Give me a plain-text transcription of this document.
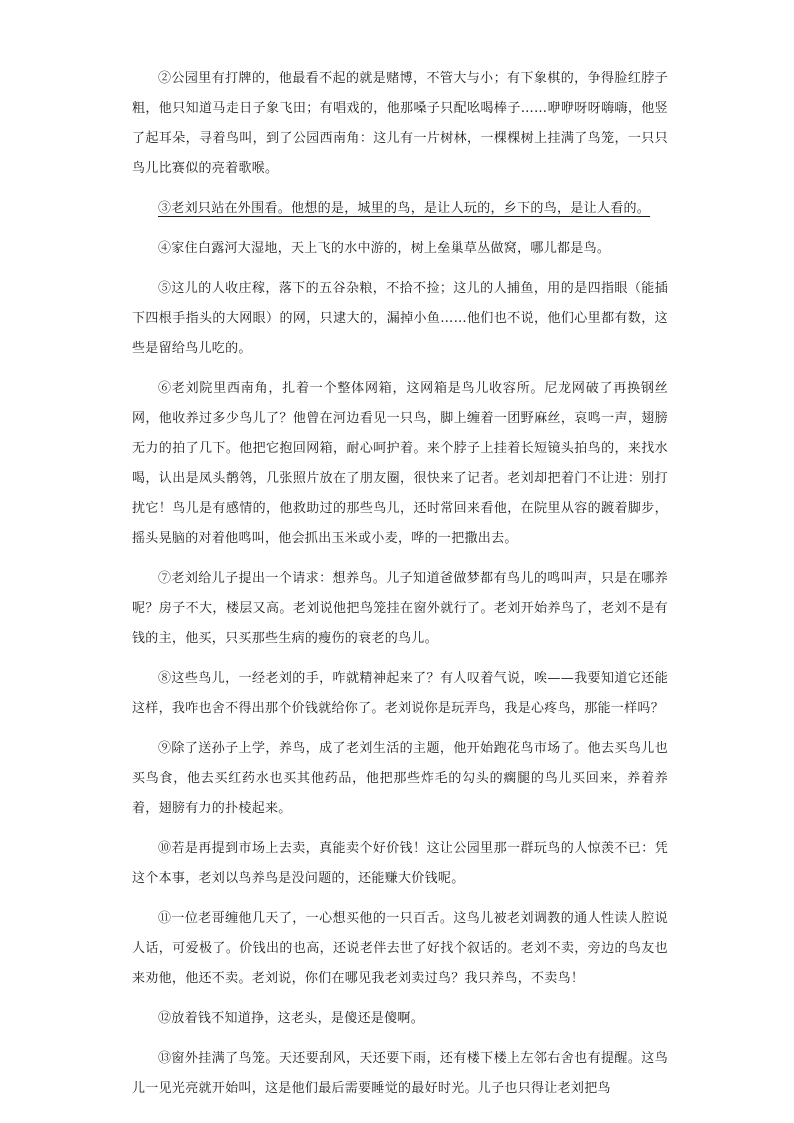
②公园里有打牌的，他最看不起的就是赌博，不管大与小；有下象棋的，争得脸红脖子粗，他只知道马走日子象飞田；有唱戏的，他那嗓子只配吆喝棒子……咿咿呀呀嗨嗨，他竖了起耳朵，寻着鸟叫，到了公园西南角：这儿有一片树林，一棵棵树上挂满了鸟笼，一只只鸟儿比赛似的亮着歌喉。

③老刘只站在外围看。他想的是，城里的鸟，是让人玩的，乡下的鸟，是让人看的。

④家住白露河大湿地，天上飞的水中游的，树上垒巢草丛做窝，哪儿都是鸟。

⑤这儿的人收庄稼，落下的五谷杂粮，不拾不捡；这儿的人捕鱼，用的是四指眼（能插下四根手指头的大网眼）的网，只逮大的，漏掉小鱼……他们也不说，他们心里都有数，这些是留给鸟儿吃的。

⑥老刘院里西南角，扎着一个整体网箱，这网箱是鸟儿收容所。尼龙网破了再换钢丝网，他收养过多少鸟儿了？他曾在河边看见一只鸟，脚上缠着一团野麻丝，哀鸣一声，翅膀无力的拍了几下。他把它抱回网箱，耐心呵护着。来个脖子上挂着长短镜头拍鸟的，来找水喝，认出是凤头鹡鸰，几张照片放在了朋友圈，很快来了记者。老刘却把着门不让进：别打扰它！鸟儿是有感情的，他救助过的那些鸟儿，还时常回来看他，在院里从容的踱着脚步，摇头晃脑的对着他鸣叫，他会抓出玉米或小麦，哗的一把撒出去。

⑦老刘给儿子提出一个请求：想养鸟。儿子知道爸做梦都有鸟儿的鸣叫声，只是在哪养呢？房子不大，楼层又高。老刘说他把鸟笼挂在窗外就行了。老刘开始养鸟了，老刘不是有钱的主，他买，只买那些生病的瘦伤的衰老的鸟儿。

⑧这些鸟儿，一经老刘的手，咋就精神起来了？有人叹着气说，唉——我要知道它还能这样，我咋也舍不得出那个价钱就给你了。老刘说你是玩弄鸟，我是心疼鸟，那能一样吗？

⑨除了送孙子上学，养鸟，成了老刘生活的主题，他开始跑花鸟市场了。他去买鸟儿也买鸟食，他去买红药水也买其他药品，他把那些炸毛的勾头的瘸腿的鸟儿买回来，养着养着，翅膀有力的扑棱起来。

⑩若是再提到市场上去卖，真能卖个好价钱！这让公园里那一群玩鸟的人惊羡不已：凭这个本事，老刘以鸟养鸟是没问题的，还能赚大价钱呢。

⑪一位老哥缠他几天了，一心想买他的一只百舌。这鸟儿被老刘调教的通人性读人腔说人话，可爱极了。价钱出的也高，还说老伴去世了好找个叙话的。老刘不卖，旁边的鸟友也来劝他，他还不卖。老刘说，你们在哪见我老刘卖过鸟？我只养鸟，不卖鸟！

⑫放着钱不知道挣，这老头，是傻还是傻啊。

⑬窗外挂满了鸟笼。天还要刮风，天还要下雨，还有楼下楼上左邻右舍也有提醒。这鸟儿一见光亮就开始叫，这是他们最后需要睡觉的最好时光。儿子也只得让老刘把鸟
